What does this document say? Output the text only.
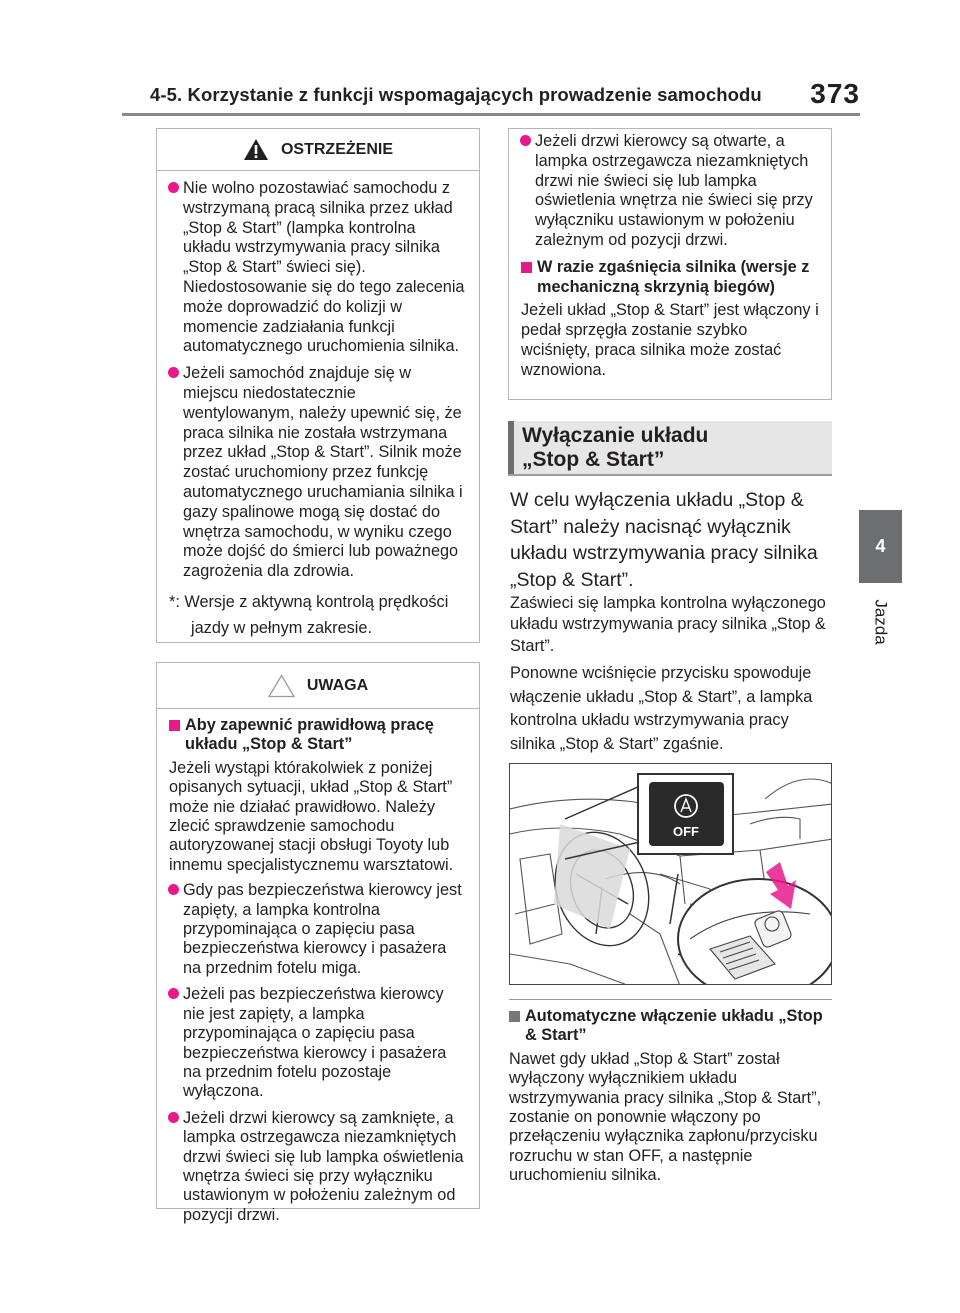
4-5. Korzystanie z funkcji wspomagających prowadzenie samochodu 373
4
Jazda
OSTRZEŻENIE
Nie wolno pozostawiać samochodu z wstrzymaną pracą silnika przez układ „Stop & Start” (lampka kontrolna układu wstrzymywania pracy silnika „Stop & Start” świeci się). Niedostosowanie się do tego zalecenia może doprowadzić do kolizji w momencie zadziałania funkcji automatycznego uruchomienia silnika.
Jeżeli samochód znajduje się w miejscu niedostatecznie wentylowanym, należy upewnić się, że praca silnika nie została wstrzymana przez układ „Stop & Start”. Silnik może zostać uruchomiony przez funkcję automatycznego uruchamiania silnika i gazy spalinowe mogą się dostać do wnętrza samochodu, w wyniku czego może dojść do śmierci lub poważnego zagrożenia dla zdrowia.
*: Wersje z aktywną kontrolą prędkości jazdy w pełnym zakresie.
UWAGA
Aby zapewnić prawidłową pracę układu „Stop & Start”
Jeżeli wystąpi którakolwiek z poniżej opisanych sytuacji, układ „Stop & Start” może nie działać prawidłowo. Należy zlecić sprawdzenie samochodu autoryzowanej stacji obsługi Toyoty lub innemu specjalistycznemu warsztatowi.
Gdy pas bezpieczeństwa kierowcy jest zapięty, a lampka kontrolna przypominająca o zapięciu pasa bezpieczeństwa kierowcy i pasażera na przednim fotelu miga.
Jeżeli pas bezpieczeństwa kierowcy nie jest zapięty, a lampka przypominająca o zapięciu pasa bezpieczeństwa kierowcy i pasażera na przednim fotelu pozostaje wyłączona.
Jeżeli drzwi kierowcy są zamknięte, a lampka ostrzegawcza niezamkniętych drzwi świeci się lub lampka oświetlenia wnętrza świeci się przy wyłączniku ustawionym w położeniu zależnym od pozycji drzwi.
Jeżeli drzwi kierowcy są otwarte, a lampka ostrzegawcza niezamkniętych drzwi nie świeci się lub lampka oświetlenia wnętrza nie świeci się przy wyłączniku ustawionym w położeniu zależnym od pozycji drzwi.
W razie zgaśnięcia silnika (wersje z mechaniczną skrzynią biegów)
Jeżeli układ „Stop & Start” jest włączony i pedał sprzęgła zostanie szybko wciśnięty, praca silnika może zostać wznowiona.
Wyłączanie układu
„Stop & Start”
W celu wyłączenia układu „Stop & Start” należy nacisnąć wyłącznik układu wstrzymywania pracy silnika „Stop & Start”.
Zaświeci się lampka kontrolna wyłączonego układu wstrzymywania pracy silnika „Stop & Start”.
Ponowne wciśnięcie przycisku spowoduje włączenie układu „Stop & Start”, a lampka kontrolna układu wstrzymywania pracy silnika „Stop & Start” zgaśnie.
OFF
Automatyczne włączenie układu „Stop & Start”
Nawet gdy układ „Stop & Start” został wyłączony wyłącznikiem układu wstrzymywania pracy silnika „Stop & Start”, zostanie on ponownie włączony po przełączeniu wyłącznika zapłonu/przycisku rozruchu w stan OFF, a następnie uruchomieniu silnika.
